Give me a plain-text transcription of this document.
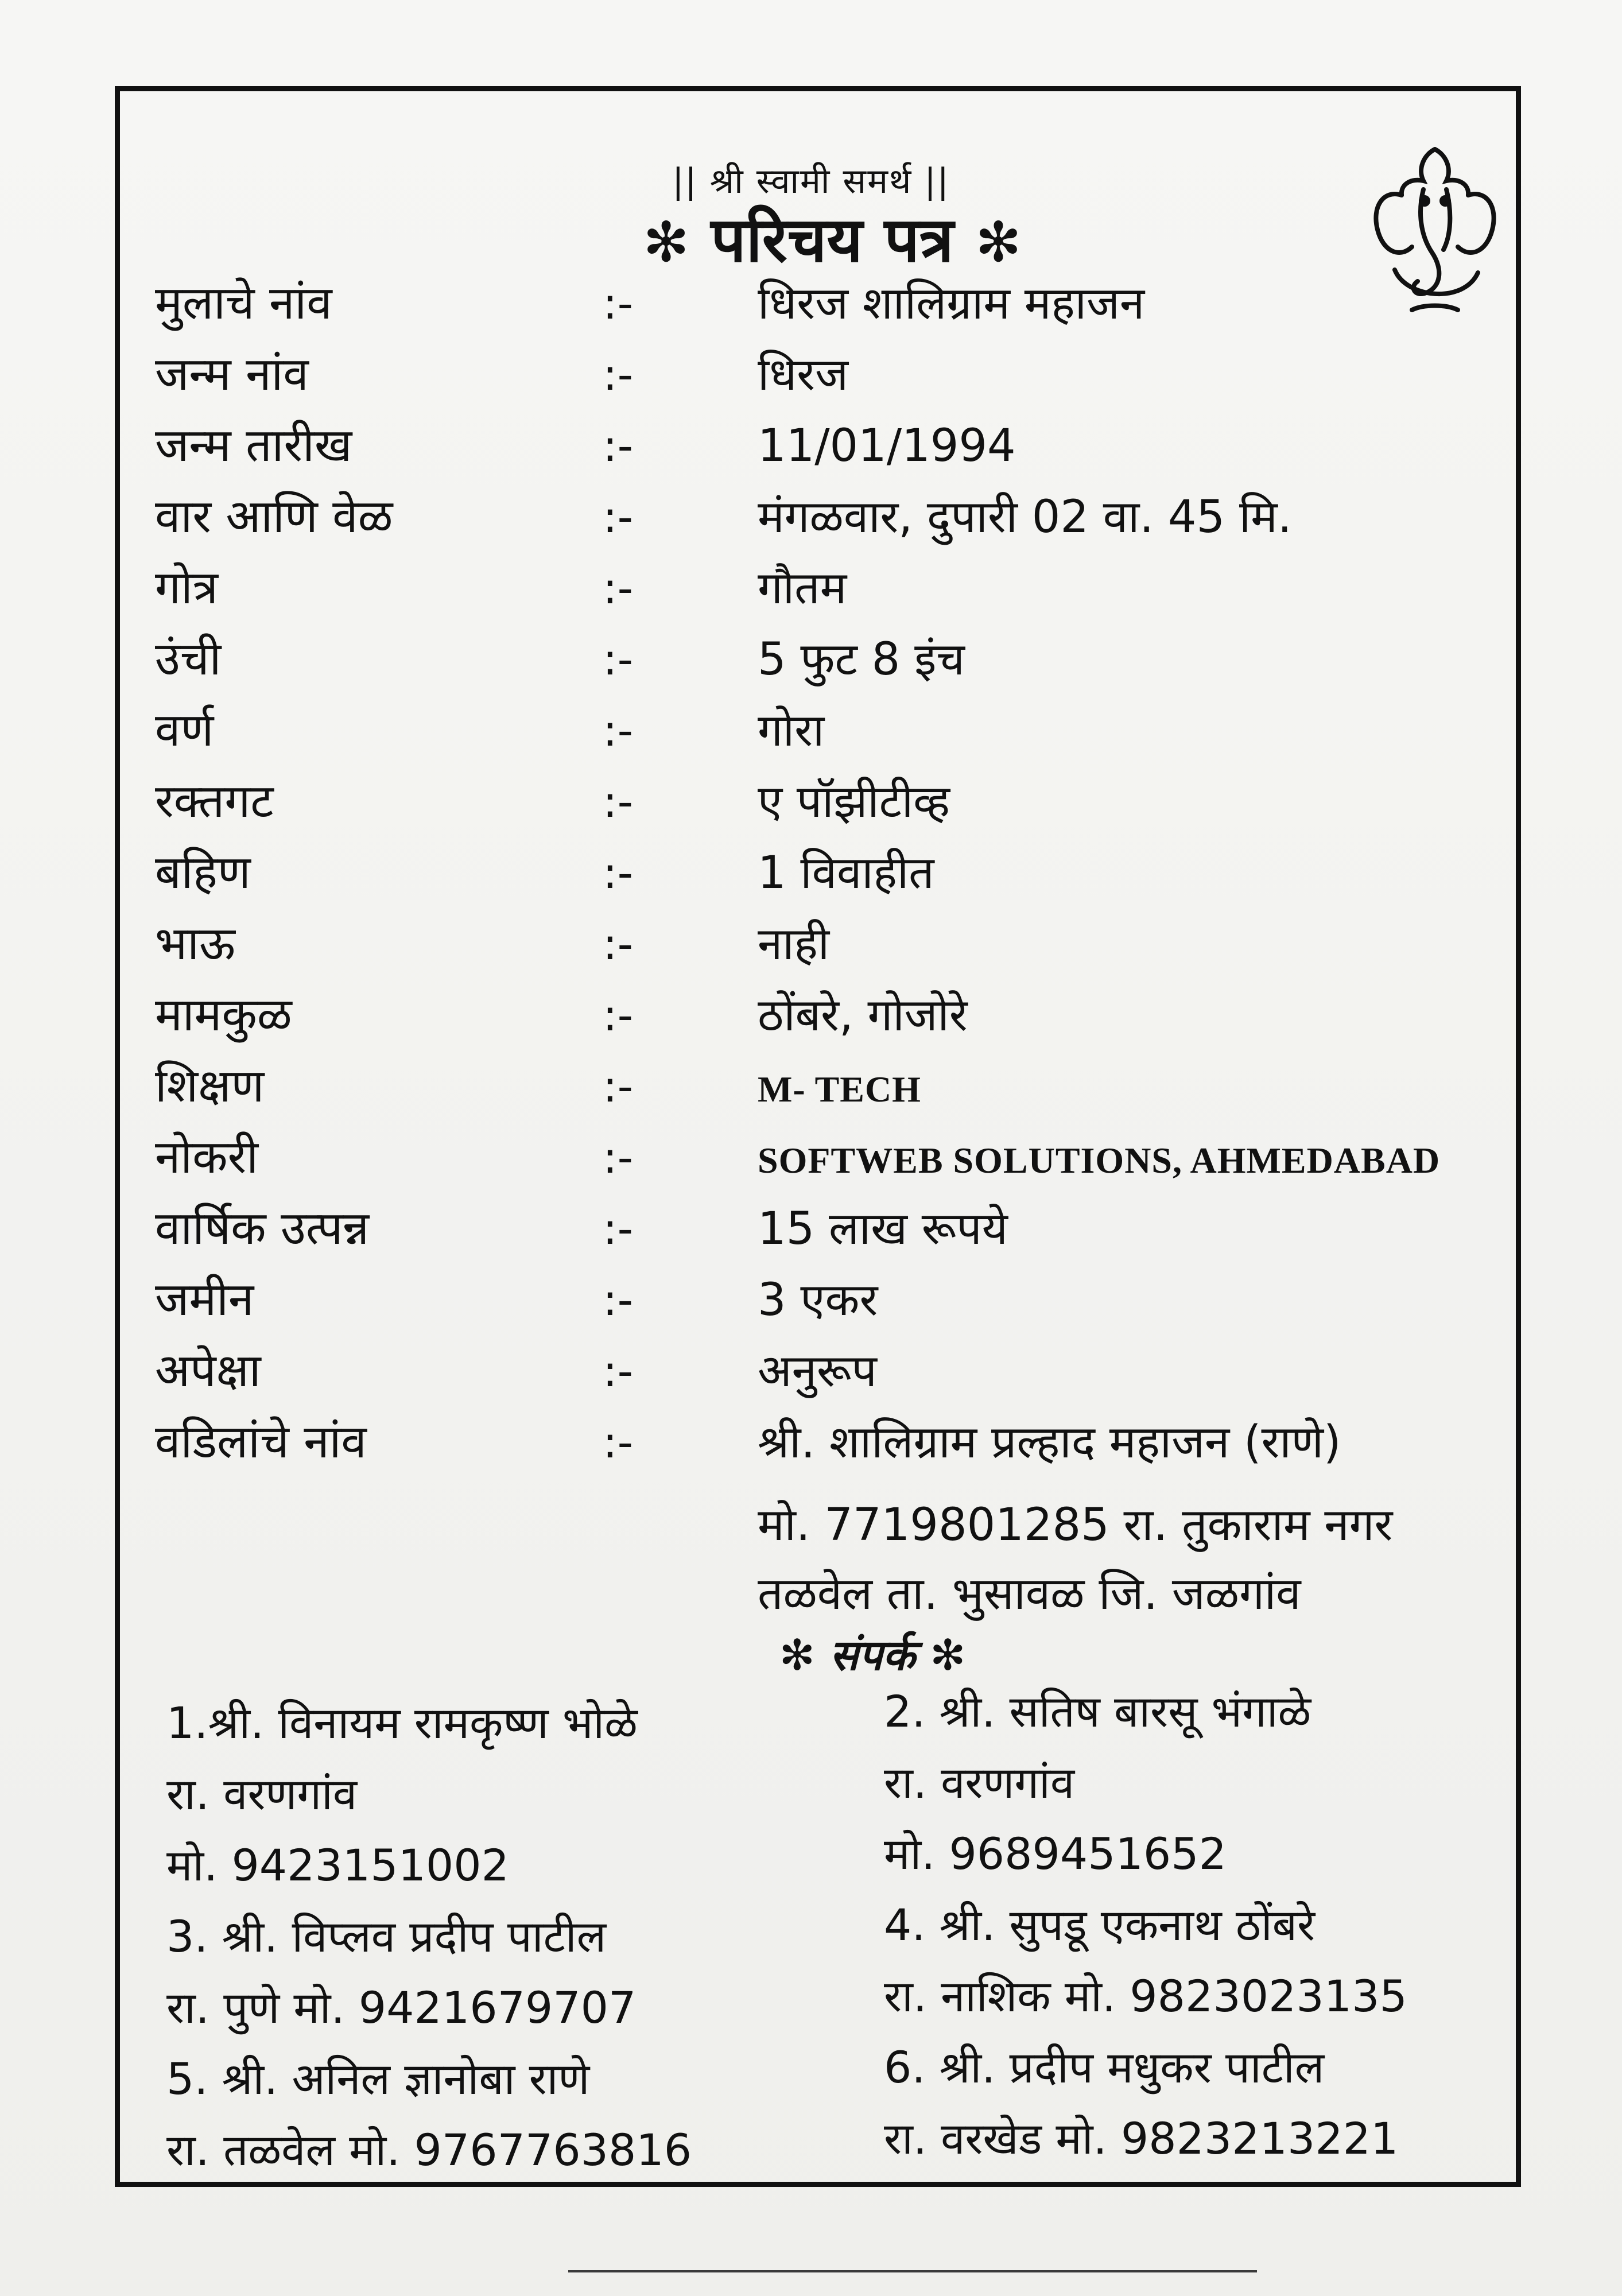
|| श्री स्वामी समर्थ ||
✻ परिचय पत्र ✻
मुलाचे नांव	:-	धिरज शालिग्राम महाजन
जन्म नांव	:-	धिरज
जन्म तारीख	:-	11/01/1994
वार आणि वेळ	:-	मंगळवार, दुपारी 02 वा. 45 मि.
गोत्र	:-	गौतम
उंची	:-	5 फुट 8 इंच
वर्ण	:-	गोरा
रक्तगट	:-	ए पॉझीटीव्ह
बहिण	:-	1 विवाहीत
भाऊ	:-	नाही
मामकुळ	:-	ठोंबरे, गोजोरे
शिक्षण	:-	M- TECH
नोकरी	:-	SOFTWEB SOLUTIONS, AHMEDABAD
वार्षिक उत्पन्न	:-	15 लाख रूपये
जमीन	:-	3 एकर
अपेक्षा	:-	अनुरूप
वडिलांचे नांव	:-	श्री. शालिग्राम प्रल्हाद महाजन (राणे)
मो. 7719801285 रा. तुकाराम नगर
तळवेल ता. भुसावळ जि. जळगांव
✻ संपर्क ✻
1.श्री. विनायम रामकृष्ण भोळे
रा. वरणगांव
मो. 9423151002
3. श्री. विप्लव प्रदीप पाटील
रा. पुणे मो. 9421679707
5. श्री. अनिल ज्ञानोबा राणे
रा. तळवेल मो. 9767763816
2. श्री. सतिष बारसू भंगाळे
रा. वरणगांव
मो. 9689451652
4. श्री. सुपडू एकनाथ ठोंबरे
रा. नाशिक मो. 9823023135
6. श्री. प्रदीप मधुकर पाटील
रा. वरखेड मो. 9823213221
